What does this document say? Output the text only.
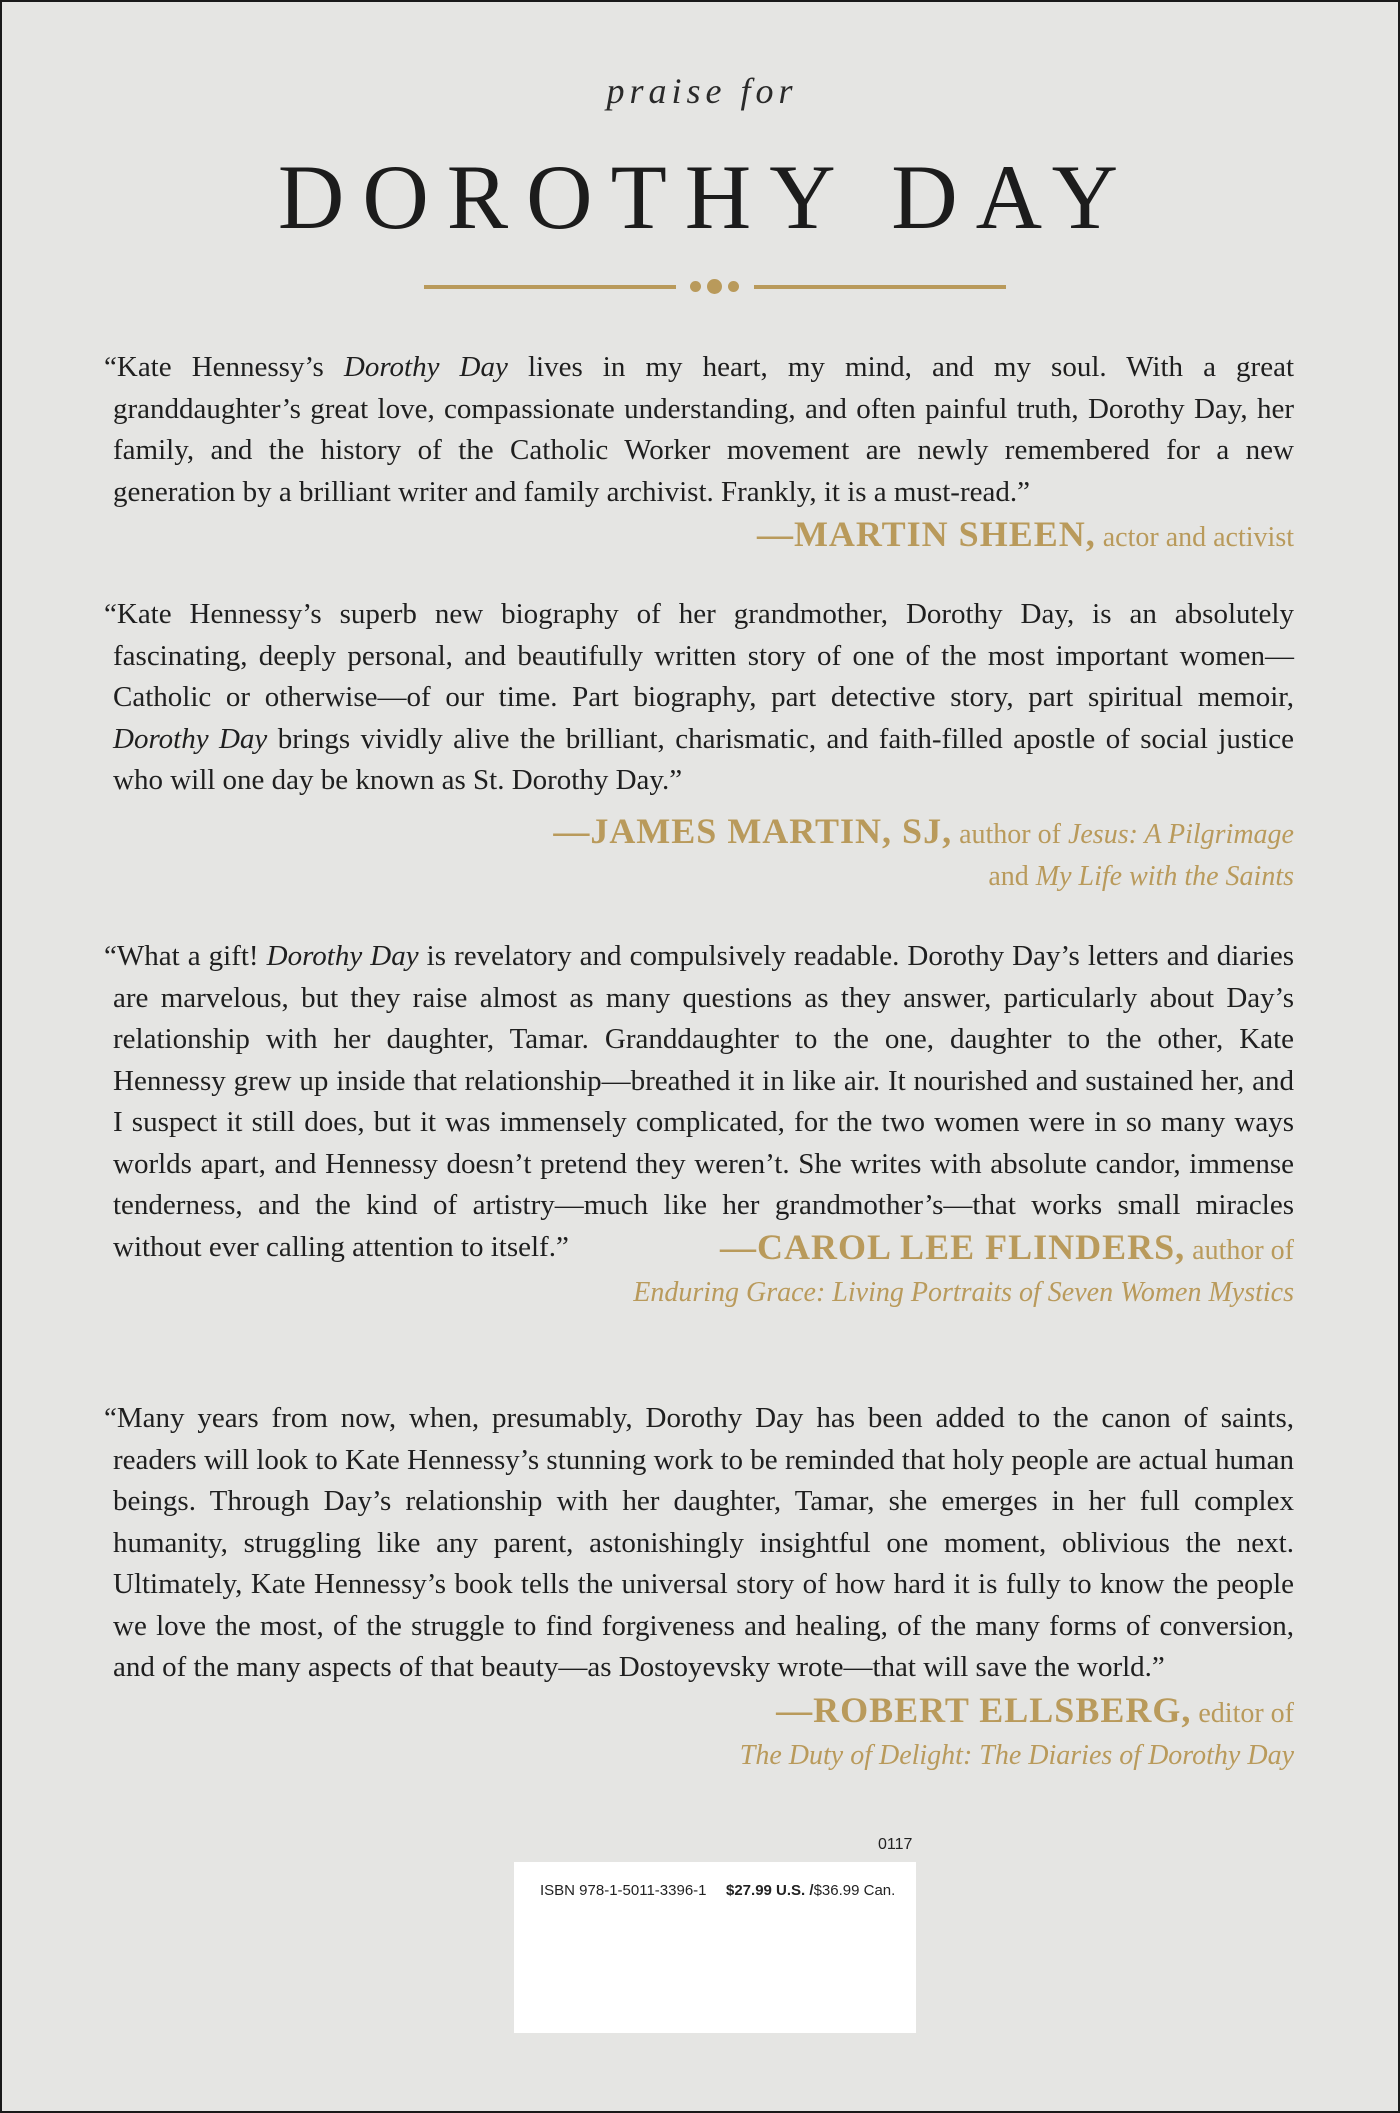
praise for
DOROTHY DAY

“Kate Hennessy’s Dorothy Day lives in my heart, my mind, and my soul. With a great granddaughter’s great love, compassionate understanding, and often painful truth, Dorothy Day, her family, and the history of the Catholic Worker movement are newly remembered for a new generation by a brilliant writer and family archivist. Frankly, it is a must-read.”

—MARTIN SHEEN, actor and activist

“Kate Hennessy’s superb new biography of her grandmother, Dorothy Day, is an absolutely fascinating, deeply personal, and beautifully written story of one of the most important women—Catholic or otherwise—of our time. Part biography, part detective story, part spiritual memoir, Dorothy Day brings vividly alive the brilliant, charismatic, and faith-filled apostle of social justice who will one day be known as St. Dorothy Day.”

—JAMES MARTIN, SJ, author of Jesus: A Pilgrimage
and My Life with the Saints

“What a gift! Dorothy Day is revelatory and compulsively readable. Dorothy Day’s letters and diaries are marvelous, but they raise almost as many questions as they answer, particularly about Day’s relationship with her daughter, Tamar. Granddaughter to the one, daughter to the other, Kate Hennessy grew up inside that relationship—breathed it in like air. It nourished and sustained her, and I suspect it still does, but it was immensely complicated, for the two women were in so many ways worlds apart, and Hennessy doesn’t pretend they weren’t. She writes with absolute candor, immense tenderness, and the kind of artistry—much like her grandmother’s—that works small miracles without ever calling attention to itself.”	—CAROL LEE FLINDERS, author of
Enduring Grace: Living Portraits of Seven Women Mystics

“Many years from now, when, presumably, Dorothy Day has been added to the canon of saints, readers will look to Kate Hennessy’s stunning work to be reminded that holy people are actual human beings. Through Day’s relationship with her daughter, Tamar, she emerges in her full complex humanity, struggling like any parent, astonishingly insightful one moment, oblivious the next. Ultimately, Kate Hennessy’s book tells the universal story of how hard it is fully to know the people we love the most, of the struggle to find forgiveness and healing, of the many forms of conversion, and of the many aspects of that beauty—as Dostoyevsky wrote—that will save the world.”

—ROBERT ELLSBERG, editor of
The Duty of Delight: The Diaries of Dorothy Day
0117
ISBN 978-1-5011-3396-1 $27.99 U.S. /$36.99 Can.
